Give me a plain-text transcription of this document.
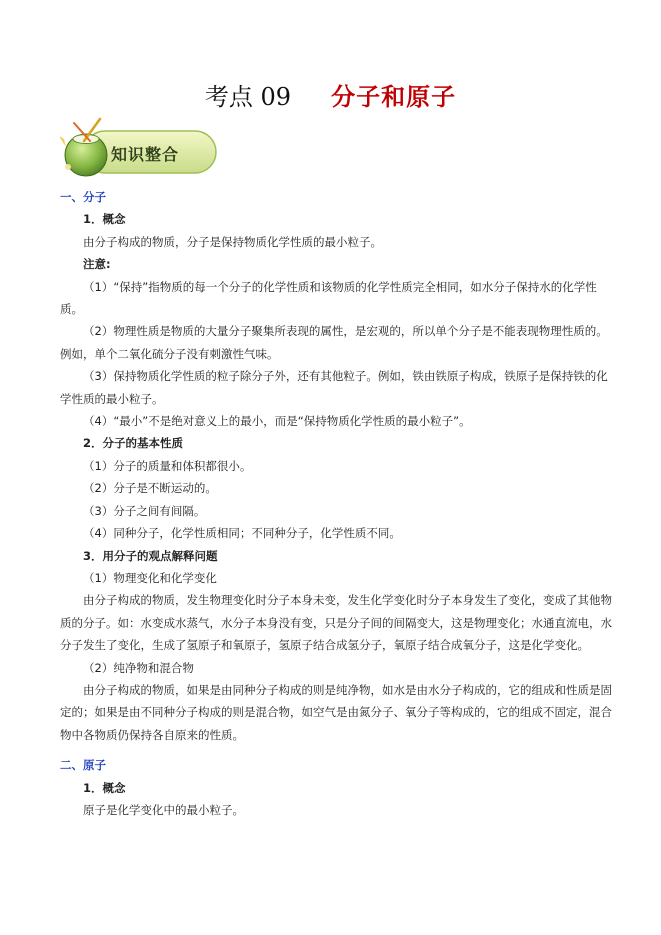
考点 09 分子和原子
知识整合

一、分子

1．概念

由分子构成的物质，分子是保持物质化学性质的最小粒子。

注意:

（1）“保持”指物质的每一个分子的化学性质和该物质的化学性质完全相同，如水分子保持水的化学性质。

（2）物理性质是物质的大量分子聚集所表现的属性，是宏观的，所以单个分子是不能表现物理性质的。例如，单个二氧化硫分子没有刺激性气味。

（3）保持物质化学性质的粒子除分子外，还有其他粒子。例如，铁由铁原子构成，铁原子是保持铁的化学性质的最小粒子。

（4）“最小”不是绝对意义上的最小，而是“保持物质化学性质的最小粒子”。

2．分子的基本性质

（1）分子的质量和体积都很小。

（2）分子是不断运动的。

（3）分子之间有间隔。

（4）同种分子，化学性质相同；不同种分子，化学性质不同。

3．用分子的观点解释问题

（1）物理变化和化学变化

由分子构成的物质，发生物理变化时分子本身未变，发生化学变化时分子本身发生了变化，变成了其他物质的分子。如：水变成水蒸气，水分子本身没有变，只是分子间的间隔变大，这是物理变化；水通直流电，水分子发生了变化，生成了氢原子和氧原子，氢原子结合成氢分子，氧原子结合成氧分子，这是化学变化。

（2）纯净物和混合物

由分子构成的物质，如果是由同种分子构成的则是纯净物，如水是由水分子构成的，它的组成和性质是固定的；如果是由不同种分子构成的则是混合物，如空气是由氮分子、氧分子等构成的，它的组成不固定，混合物中各物质仍保持各自原来的性质。

二、原子

1．概念

原子是化学变化中的最小粒子。
